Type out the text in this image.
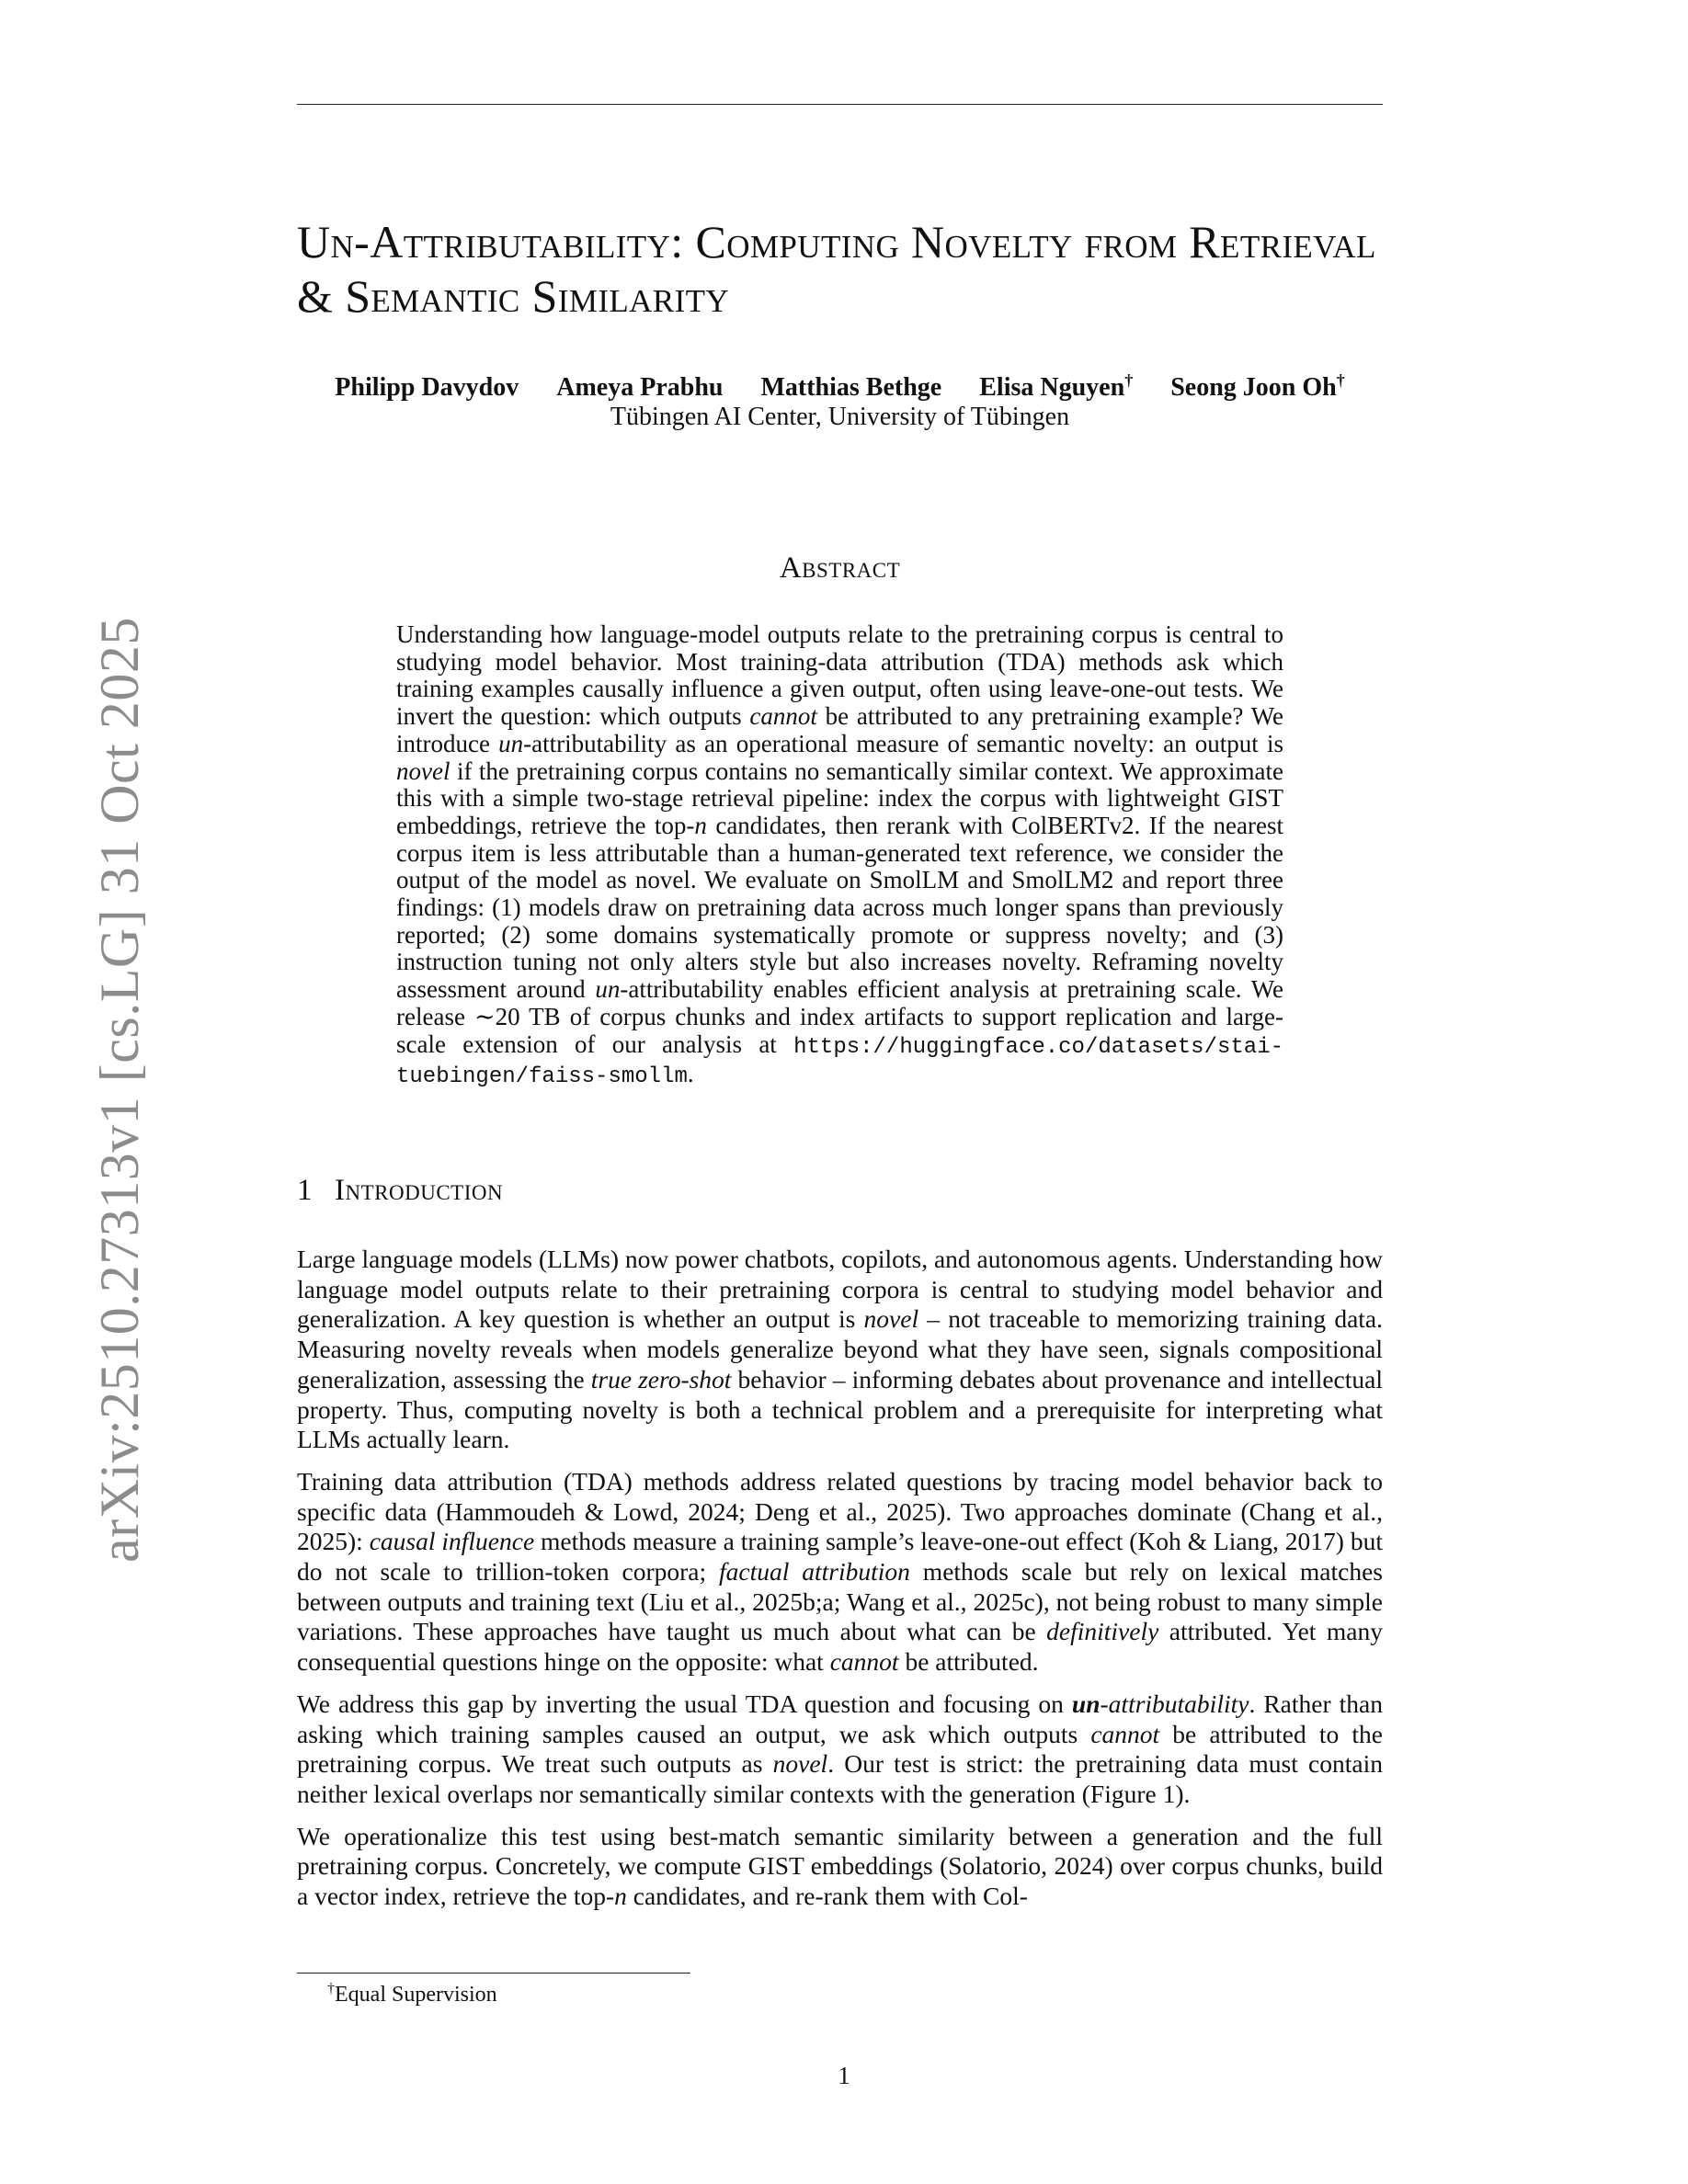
arXiv:2510.27313v1 [cs.LG] 31 Oct 2025
Un-Attributability: Computing Novelty from Retrieval & Semantic Similarity
Philipp Davydov Ameya Prabhu Matthias Bethge Elisa Nguyen† Seong Joon Oh†
Tübingen AI Center, University of Tübingen
Abstract

Understanding how language-model outputs relate to the pretraining corpus is central to studying model behavior. Most training-data attribution (TDA) methods ask which training examples causally influence a given output, often using leave-one-out tests. We invert the question: which outputs cannot be attributed to any pretraining example? We introduce un-attributability as an operational measure of semantic novelty: an output is novel if the pretraining corpus contains no semantically similar context. We approximate this with a simple two-stage retrieval pipeline: index the corpus with lightweight GIST embeddings, retrieve the top-n candidates, then rerank with ColBERTv2. If the nearest corpus item is less attributable than a human-generated text reference, we consider the output of the model as novel. We evaluate on SmolLM and SmolLM2 and report three findings: (1) models draw on pretraining data across much longer spans than previously reported; (2) some domains systematically promote or suppress novelty; and (3) instruction tuning not only alters style but also increases novelty. Reframing novelty assessment around un-attributability enables efficient analysis at pretraining scale. We release ∼20 TB of corpus chunks and index artifacts to support replication and large-scale extension of our analysis at https://huggingface.co/datasets/stai-tuebingen/faiss-smollm.

1 Introduction

Large language models (LLMs) now power chatbots, copilots, and autonomous agents. Understanding how language model outputs relate to their pretraining corpora is central to studying model behavior and generalization. A key question is whether an output is novel – not traceable to memorizing training data. Measuring novelty reveals when models generalize beyond what they have seen, signals compositional generalization, assessing the true zero-shot behavior – informing debates about provenance and intellectual property. Thus, computing novelty is both a technical problem and a prerequisite for interpreting what LLMs actually learn.

Training data attribution (TDA) methods address related questions by tracing model behavior back to specific data (Hammoudeh & Lowd, 2024; Deng et al., 2025). Two approaches dominate (Chang et al., 2025): causal influence methods measure a training sample’s leave-one-out effect (Koh & Liang, 2017) but do not scale to trillion-token corpora; factual attribution methods scale but rely on lexical matches between outputs and training text (Liu et al., 2025b;a; Wang et al., 2025c), not being robust to many simple variations. These approaches have taught us much about what can be definitively attributed. Yet many consequential questions hinge on the opposite: what cannot be attributed.

We address this gap by inverting the usual TDA question and focusing on un-attributability. Rather than asking which training samples caused an output, we ask which outputs cannot be attributed to the pretraining corpus. We treat such outputs as novel. Our test is strict: the pretraining data must contain neither lexical overlaps nor semantically similar contexts with the generation (Figure 1).

We operationalize this test using best-match semantic similarity between a generation and the full pretraining corpus. Concretely, we compute GIST embeddings (Solatorio, 2024) over corpus chunks, build a vector index, retrieve the top-n candidates, and re-rank them with Col-

†Equal Supervision
1
